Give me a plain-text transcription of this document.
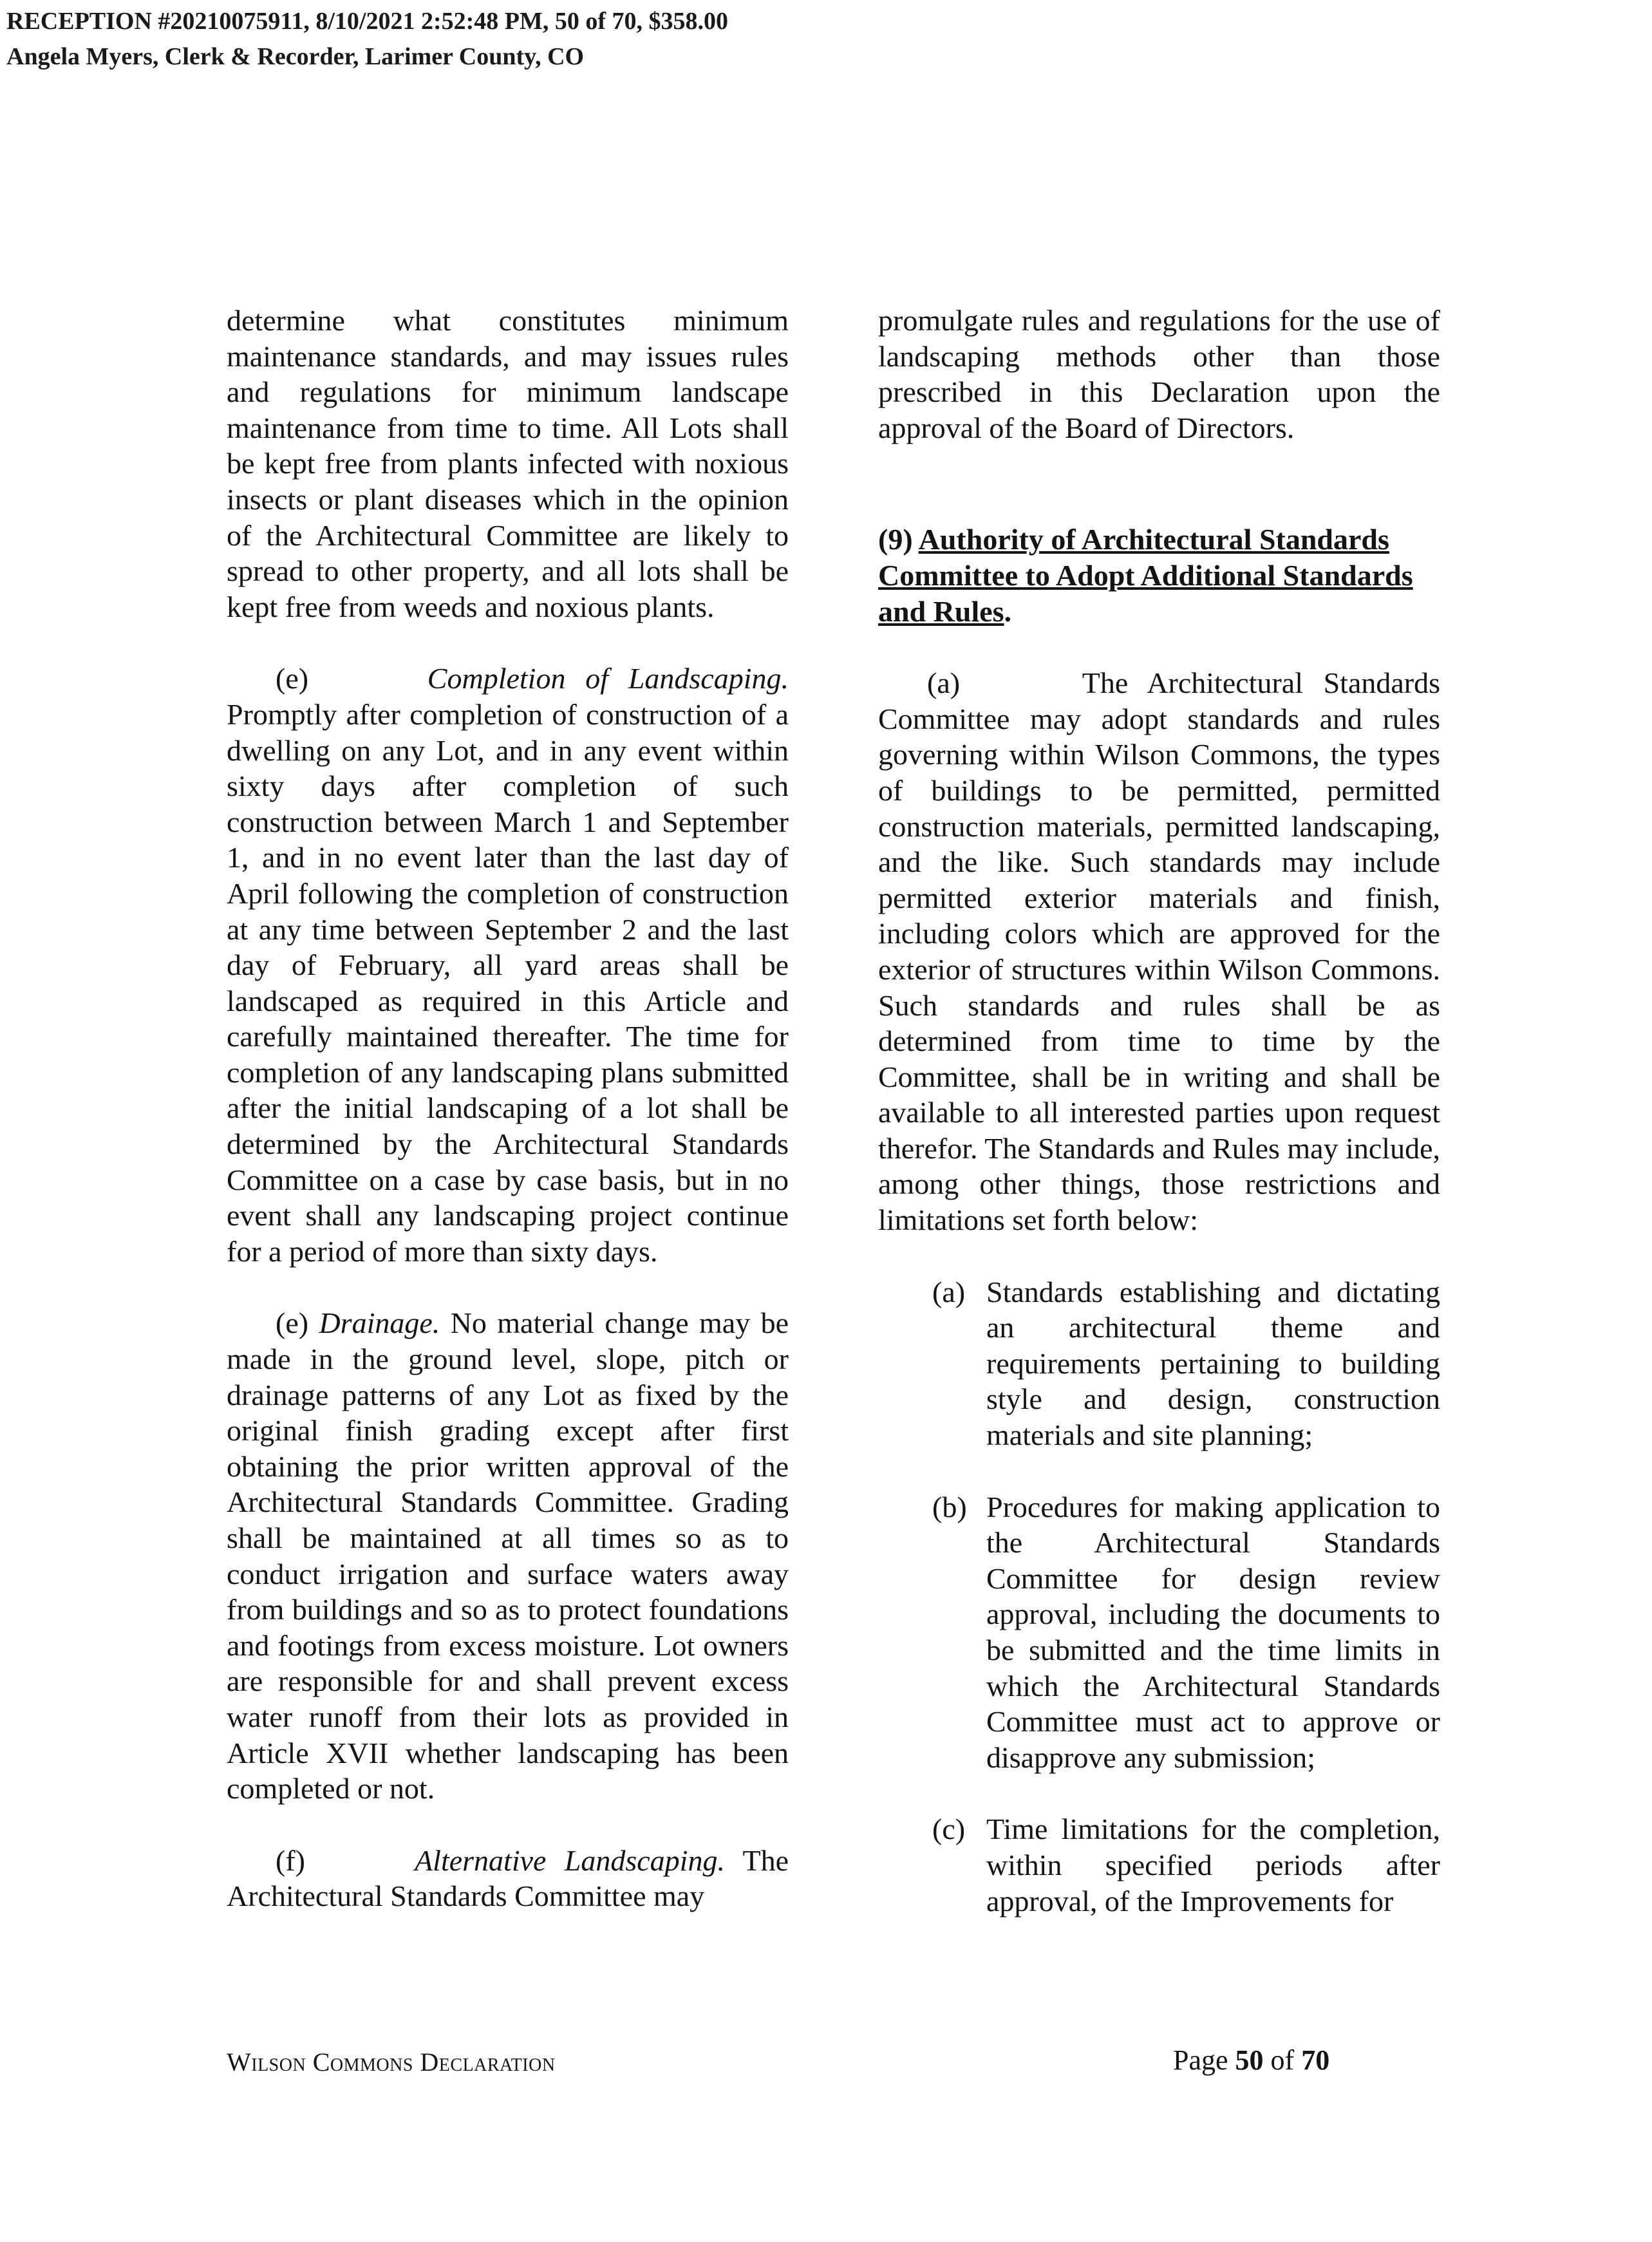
RECEPTION #20210075911, 8/10/2021 2:52:48 PM, 50 of 70, $358.00
Angela Myers, Clerk & Recorder, Larimer County, CO

determine what constitutes minimum maintenance standards, and may issues rules and regulations for minimum landscape maintenance from time to time. All Lots shall be kept free from plants infected with noxious insects or plant diseases which in the opinion of the Architectural Committee are likely to spread to other property, and all lots shall be kept free from weeds and noxious plants.

(e)	Completion of Landscaping. Promptly after completion of construction of a dwelling on any Lot, and in any event within sixty days after completion of such construction between March 1 and September 1, and in no event later than the last day of April following the completion of construction at any time between September 2 and the last day of February, all yard areas shall be landscaped as required in this Article and carefully maintained thereafter. The time for completion of any landscaping plans submitted after the initial landscaping of a lot shall be determined by the Architectural Standards Committee on a case by case basis, but in no event shall any landscaping project continue for a period of more than sixty days.

(e) Drainage. No material change may be made in the ground level, slope, pitch or drainage patterns of any Lot as fixed by the original finish grading except after first obtaining the prior written approval of the Architectural Standards Committee. Grading shall be maintained at all times so as to conduct irrigation and surface waters away from buildings and so as to protect foundations and footings from excess moisture. Lot owners are responsible for and shall prevent excess water runoff from their lots as provided in Article XVII whether landscaping has been completed or not.

(f)	Alternative Landscaping. The Architectural Standards Committee may

promulgate rules and regulations for the use of landscaping methods other than those prescribed in this Declaration upon the approval of the Board of Directors.

(9) Authority of Architectural Standards Committee to Adopt Additional Standards and Rules.

(a)	The Architectural Standards Committee may adopt standards and rules governing within Wilson Commons, the types of buildings to be permitted, permitted construction materials, permitted landscaping, and the like. Such standards may include permitted exterior materials and finish, including colors which are approved for the exterior of structures within Wilson Commons. Such standards and rules shall be as determined from time to time by the Committee, shall be in writing and shall be available to all interested parties upon request therefor. The Standards and Rules may include, among other things, those restrictions and limitations set forth below:

(a) Standards establishing and dictating an architectural theme and requirements pertaining to building style and design, construction materials and site planning;
(b) Procedures for making application to the Architectural Standards Committee for design review approval, including the documents to be submitted and the time limits in which the Architectural Standards Committee must act to approve or disapprove any submission;
(c) Time limitations for the completion, within specified periods after approval, of the Improvements for
Wilson Commons Declaration	Page 50 of 70
